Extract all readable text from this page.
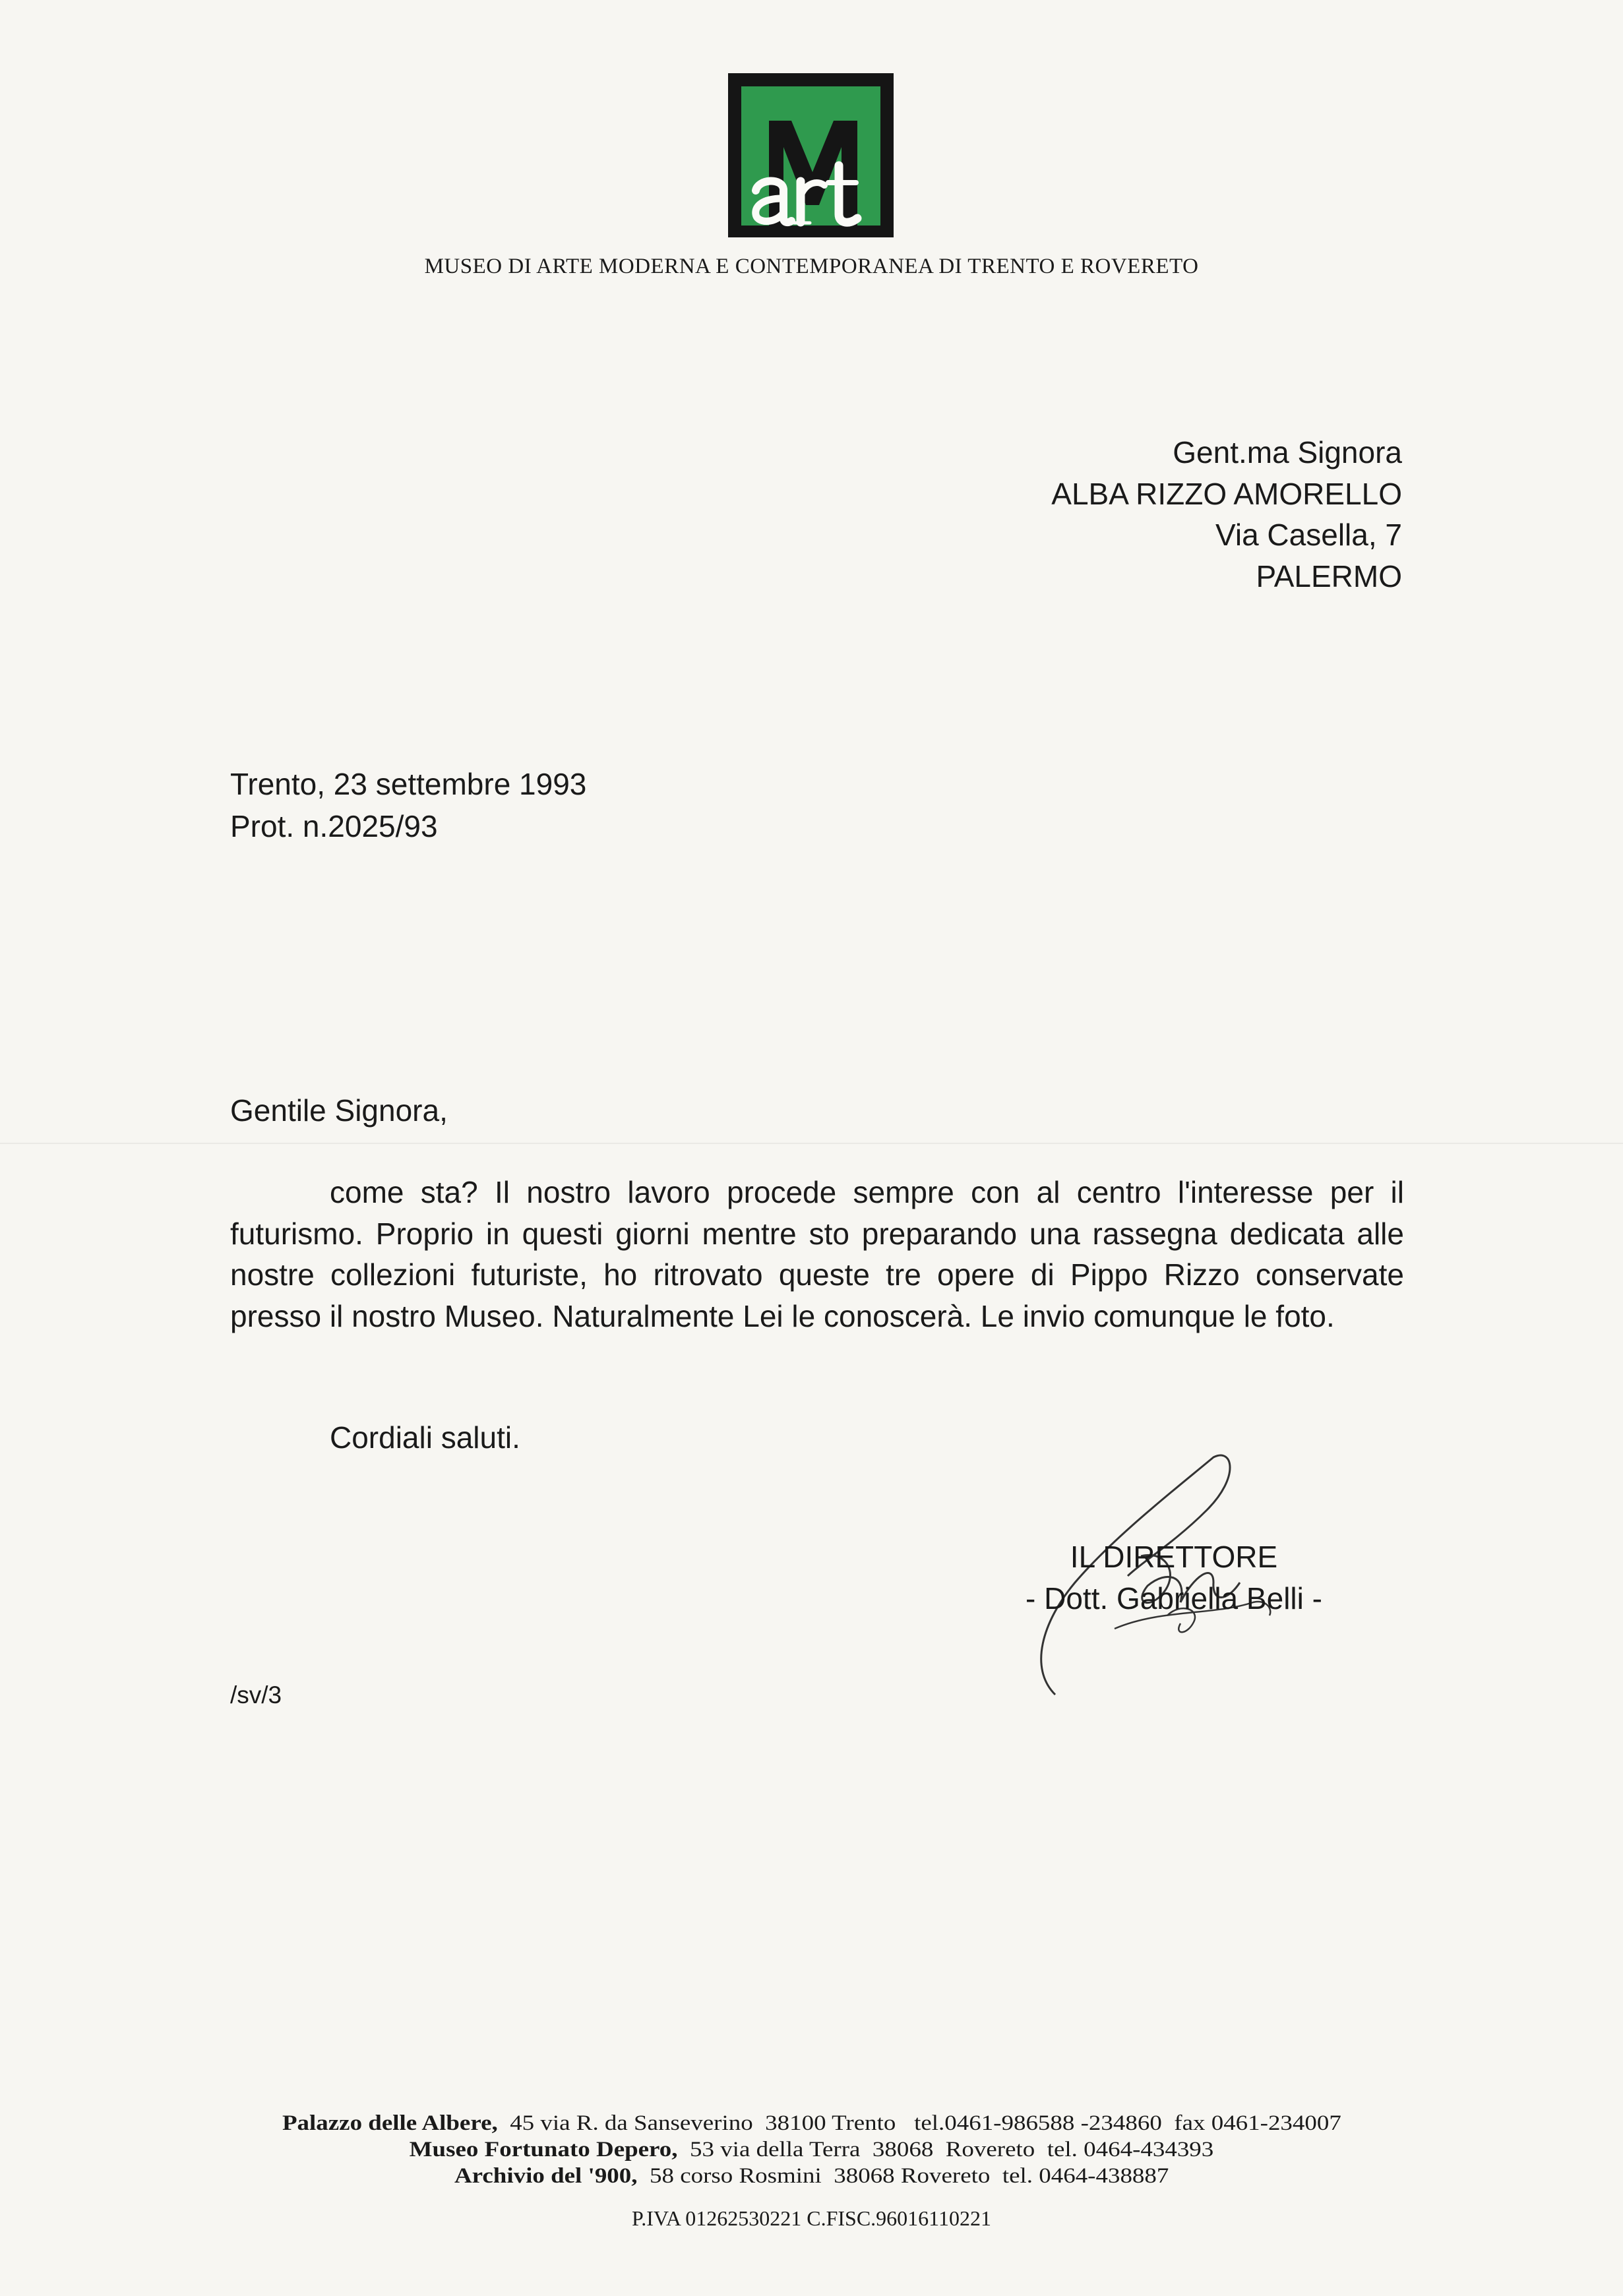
MUSEO DI ARTE MODERNA E CONTEMPORANEA DI TRENTO E ROVERETO
Gent.ma Signora
ALBA RIZZO AMORELLO
Via Casella, 7
PALERMO
Trento, 23 settembre 1993
Prot. n.2025/93
Gentile Signora,
come sta? Il nostro lavoro procede sempre con al centro l'interesse per il futurismo. Proprio in questi giorni mentre sto preparando una rassegna dedicata alle nostre collezioni futuriste, ho ritrovato queste tre opere di Pippo Rizzo conservate presso il nostro Museo. Naturalmente Lei le conoscerà. Le invio comunque le foto.
Cordiali saluti.
IL DIRETTORE
- Dott. Gabriella Belli -
/sv/3
Palazzo delle Albere,  45 via R. da Sanseverino  38100 Trento   tel.0461-986588 -234860  fax 0461-234007
Museo Fortunato Depero,  53 via della Terra  38068  Rovereto  tel. 0464-434393
Archivio del '900,  58 corso Rosmini  38068 Rovereto  tel. 0464-438887
P.IVA 01262530221 C.FISC.96016110221
